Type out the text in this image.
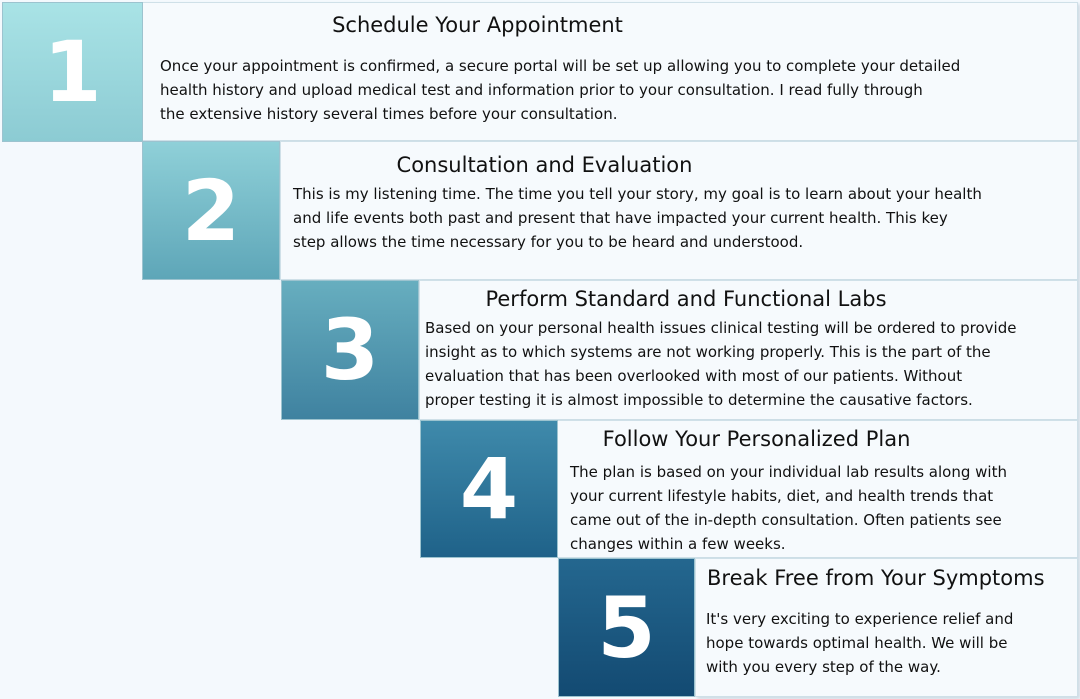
1	Schedule Your Appointment
Once your appointment is confirmed, a secure portal will be set up allowing you to complete your detailed
health history and upload medical test and information prior to your consultation. I read fully through
the extensive history several times before your consultation.
2	Consultation and Evaluation
This is my listening time. The time you tell your story, my goal is to learn about your health
and life events both past and present that have impacted your current health. This key
step allows the time necessary for you to be heard and understood.
3
Perform Standard and Functional Labs
Based on your personal health issues clinical testing will be ordered to provide
insight as to which systems are not working properly. This is the part of the
evaluation that has been overlooked with most of our patients. Without
proper testing it is almost impossible to determine the causative factors.
4
Follow Your Personalized Plan
The plan is based on your individual lab results along with
your current lifestyle habits, diet, and health trends that
came out of the in-depth consultation. Often patients see
changes within a few weeks.
5
Break Free from Your Symptoms
It's very exciting to experience relief and
hope towards optimal health. We will be
with you every step of the way.
